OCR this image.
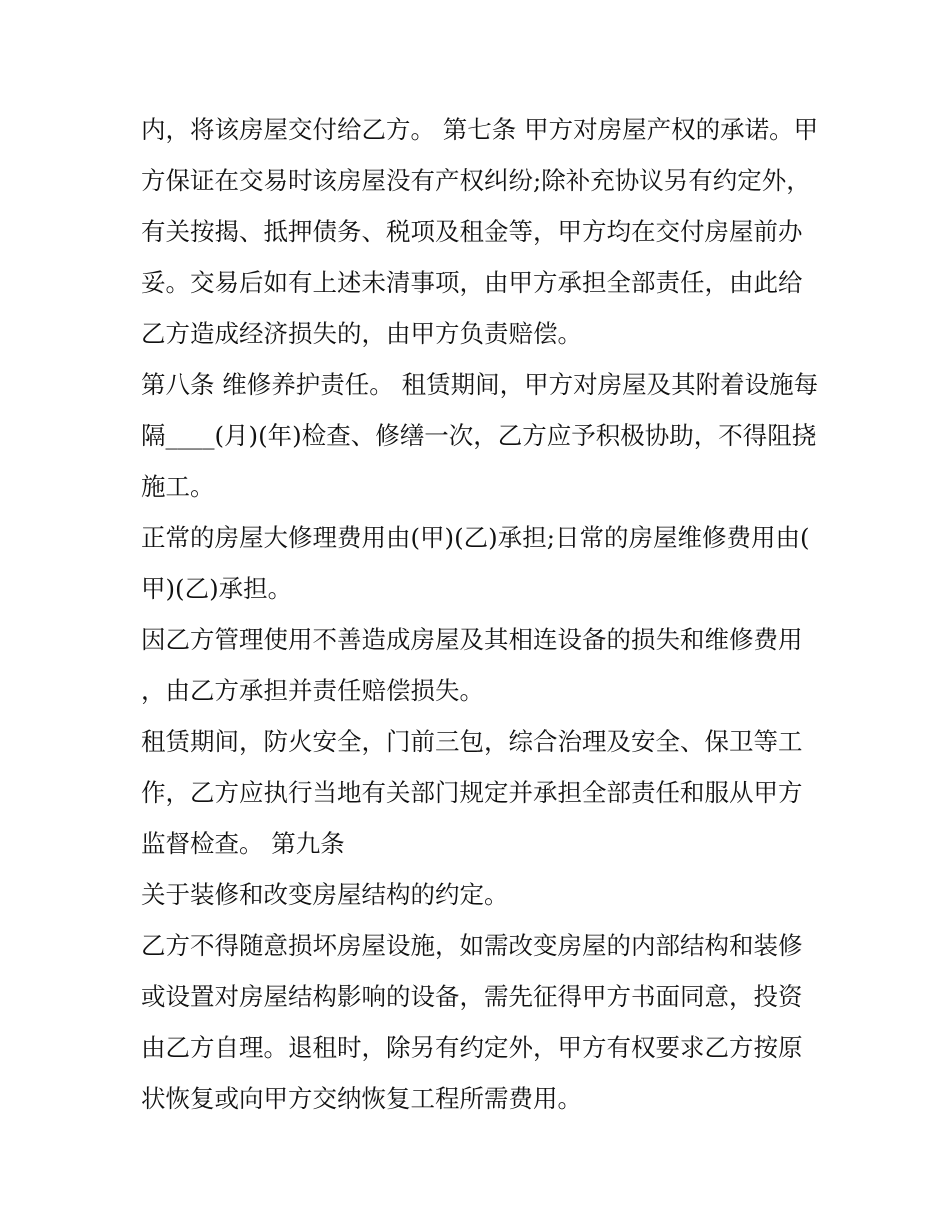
内，将该房屋交付给乙方。 第七条 甲方对房屋产权的承诺。甲方保证在交易时该房屋没有产权纠纷;除补充协议另有约定外，有关按揭、抵押债务、税项及租金等，甲方均在交付房屋前办妥。交易后如有上述未清事项，由甲方承担全部责任，由此给乙方造成经济损失的，由甲方负责赔偿。

第八条 维修养护责任。 租赁期间，甲方对房屋及其附着设施每隔____(月)(年)检查、修缮一次，乙方应予积极协助，不得阻挠施工。

正常的房屋大修理费用由(甲)(乙)承担;日常的房屋维修费用由(甲)(乙)承担。

因乙方管理使用不善造成房屋及其相连设备的损失和维修费用，由乙方承担并责任赔偿损失。

租赁期间，防火安全，门前三包，综合治理及安全、保卫等工作，乙方应执行当地有关部门规定并承担全部责任和服从甲方监督检查。 第九条

关于装修和改变房屋结构的约定。

乙方不得随意损坏房屋设施，如需改变房屋的内部结构和装修或设置对房屋结构影响的设备，需先征得甲方书面同意，投资由乙方自理。退租时，除另有约定外，甲方有权要求乙方按原状恢复或向甲方交纳恢复工程所需费用。
